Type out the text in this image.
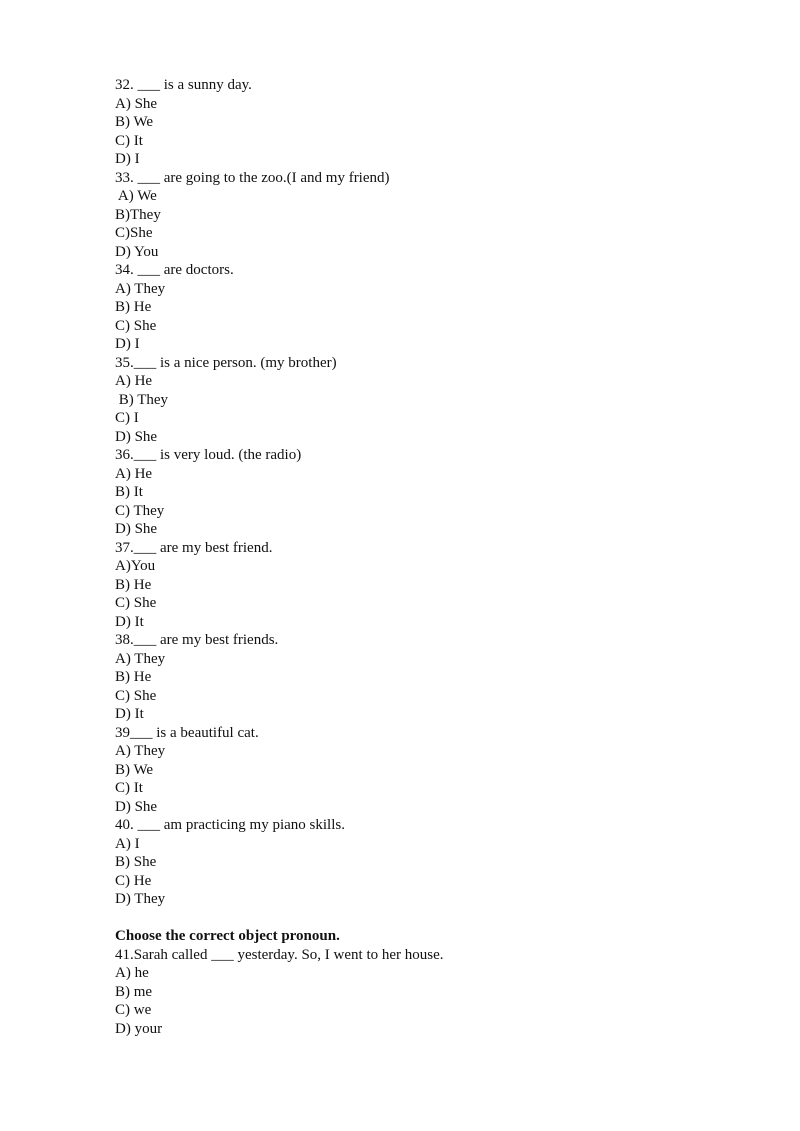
32. ___ is a sunny day.
A) She
B) We
C) It
D) I
33. ___ are going to the zoo.(I and my friend)
A) We
B)They
C)She
D) You
34. ___ are doctors.
A) They
B) He
C) She
D) I
35.___ is a nice person. (my brother)
A) He
B) They
C) I
D) She
36.___ is very loud. (the radio)
A) He
B) It
C) They
D) She
37.___ are my best friend.
A)You
B) He
C) She
D) It
38.___ are my best friends.
A) They
B) He
C) She
D) It
39___ is a beautiful cat.
A) They
B) We
C) It
D) She
40. ___ am practicing my piano skills.
A) I
B) She
C) He
D) They
Choose the correct object pronoun.
41.Sarah called ___ yesterday. So, I went to her house.
A) he
B) me
C) we
D) your
